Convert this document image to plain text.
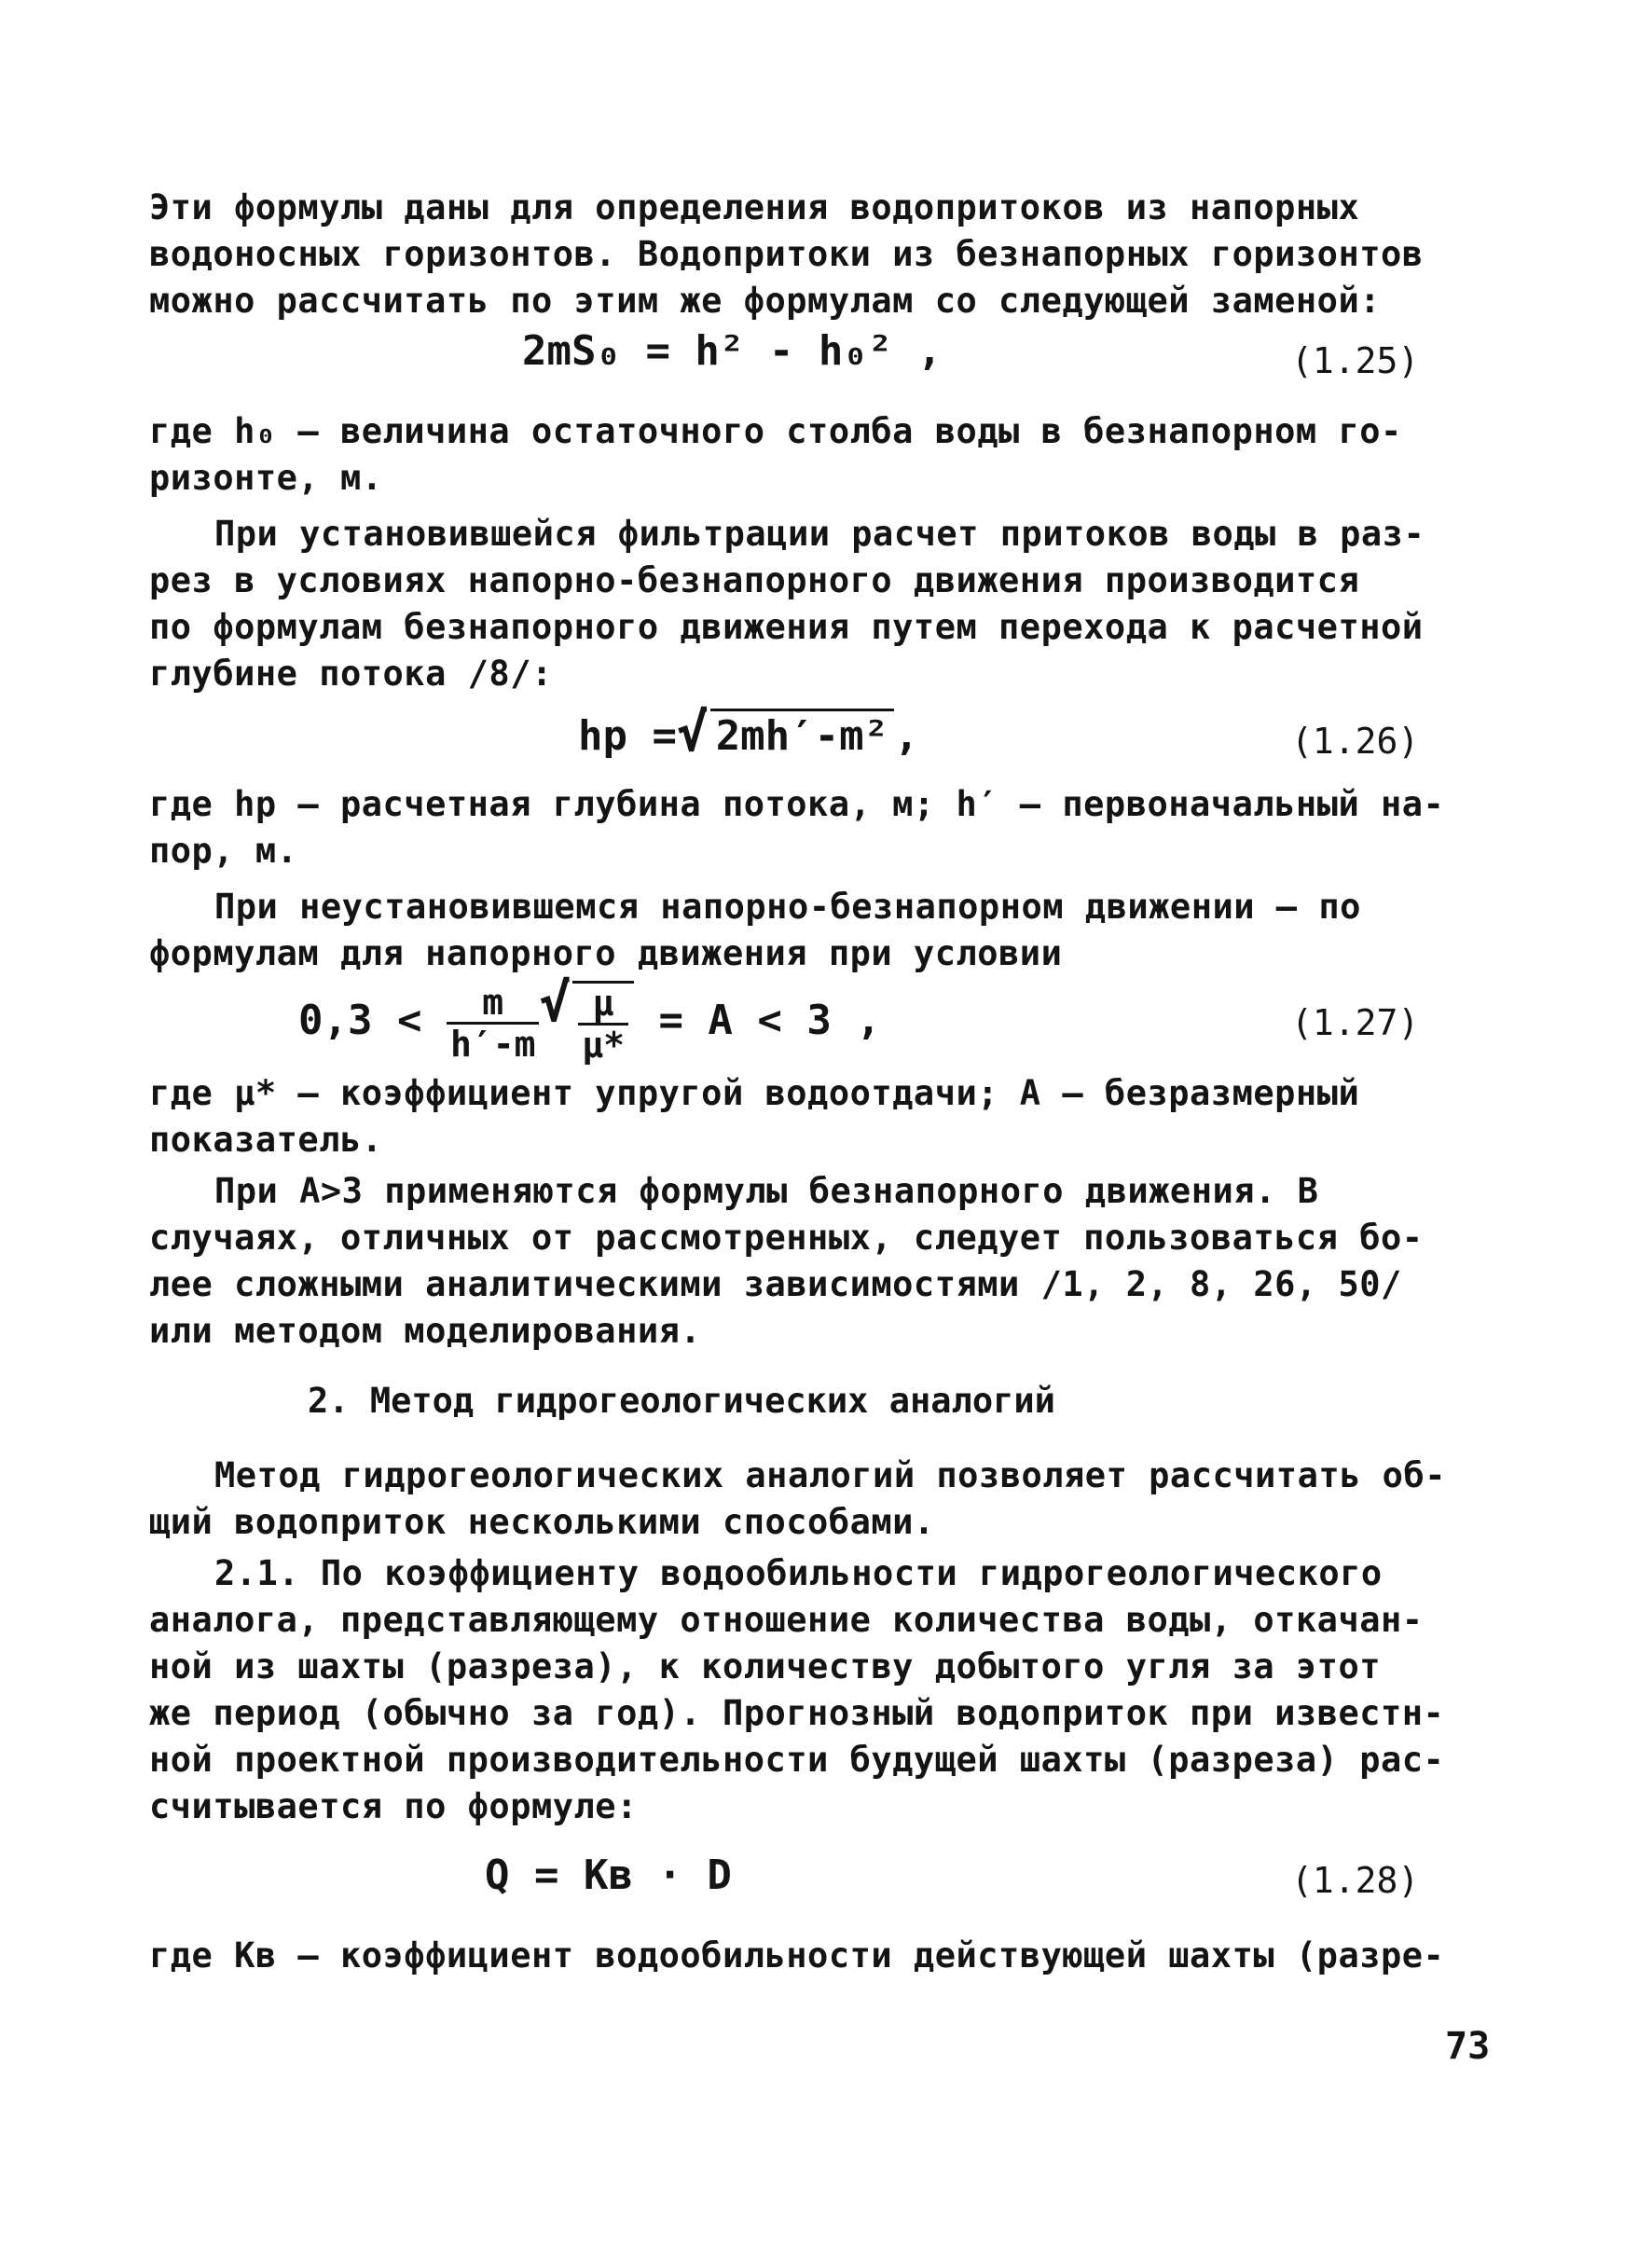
Эти формулы даны для определения водопритоков из напорных
водоносных горизонтов. Водопритоки из безнапорных горизонтов
можно рассчитать по этим же формулам со следующей заменой:
2mS₀ = h² - h₀² ,	(1.25)
где h₀ – величина остаточного столба воды в безнапорном го-
ризонте, м.
При установившейся фильтрации расчет притоков воды в раз-
рез в условиях напорно-безнапорного движения производится
по формулам безнапорного движения путем перехода к расчетной
глубине потока /8/:
hр =√ 2mh′-m² ,	(1.26)
где hр – расчетная глубина потока, м; h′ – первоначальный на-
пор, м.
При неустановившемся напорно-безнапорном движении – по
формулам для напорного движения при условии
$0,3 < \frac{m}{h'-m}$ √ $\frac{\mu}{\mu*} = A < 3$ ,	(1.27)
где μ* – коэффициент упругой водоотдачи; А – безразмерный
показатель.
При А>3 применяются формулы безнапорного движения. В
случаях, отличных от рассмотренных, следует пользоваться бо-
лее сложными аналитическими зависимостями /1, 2, 8, 26, 50/
или методом моделирования.
2. Метод гидрогеологических аналогий
Метод гидрогеологических аналогий позволяет рассчитать об-
щий водоприток несколькими способами.
2.1. По коэффициенту водообильности гидрогеологического
аналога, представляющему отношение количества воды, откачан-
ной из шахты (разреза), к количеству добытого угля за этот
же период (обычно за год). Прогнозный водоприток при известн-
ной проектной производительности будущей шахты (разреза) рас-
считывается по формуле:
Q = Kв · D	(1.28)
где Кв – коэффициент водообильности действующей шахты (разре-
73
